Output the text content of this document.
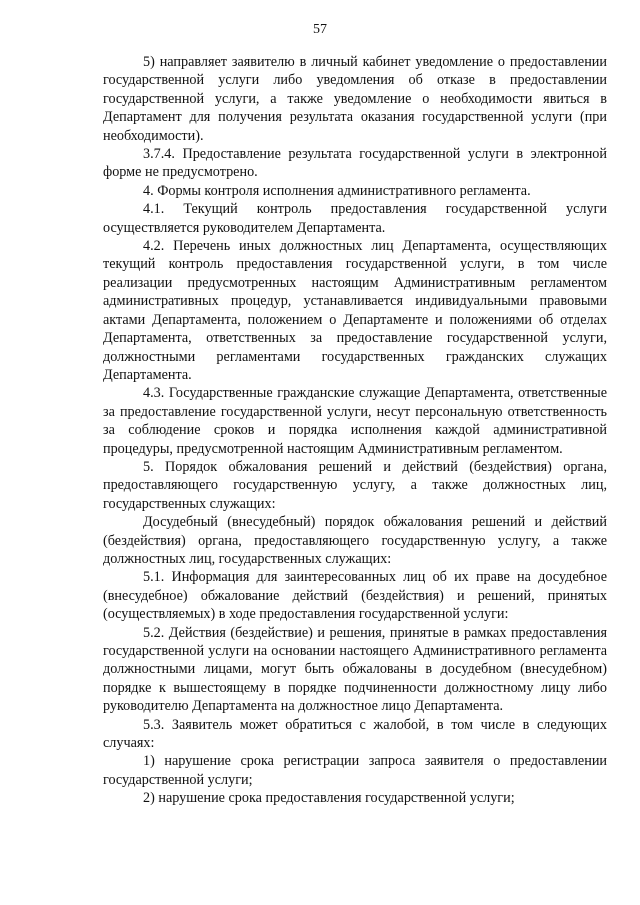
57

5) направляет заявителю в личный кабинет уведомление о предоставлении государственной услуги либо уведомления об отказе в предоставлении государственной услуги, а также уведомление о необходимости явиться в Департамент для получения результата оказания государственной услуги (при необходимости).

3.7.4. Предоставление результата государственной услуги в электронной форме не предусмотрено.

4. Формы контроля исполнения административного регламента.

4.1. Текущий контроль предоставления государственной услуги осуществляется руководителем Департамента.

4.2. Перечень иных должностных лиц Департамента, осуществляющих текущий контроль предоставления государственной услуги, в том числе реализации предусмотренных настоящим Административным регламентом административных процедур, устанавливается индивидуальными правовыми актами Департамента, положением о Департаменте и положениями об отделах Департамента, ответственных за предоставление государственной услуги, должностными регламентами государственных гражданских служащих Департамента.

4.3. Государственные гражданские служащие Департамента, ответственные за предоставление государственной услуги, несут персональную ответственность за соблюдение сроков и порядка исполнения каждой административной процедуры, предусмотренной настоящим Административным регламентом.

5. Порядок обжалования решений и действий (бездействия) органа, предоставляющего государственную услугу, а также должностных лиц, государственных служащих:

Досудебный (внесудебный) порядок обжалования решений и действий (бездействия) органа, предоставляющего государственную услугу, а также должностных лиц, государственных служащих:

5.1. Информация для заинтересованных лиц об их праве на досудебное (внесудебное) обжалование действий (бездействия) и решений, принятых (осуществляемых) в ходе предоставления государственной услуги:

5.2. Действия (бездействие) и решения, принятые в рамках предоставления государственной услуги на основании настоящего Административного регламента должностными лицами, могут быть обжалованы в досудебном (внесудебном) порядке к вышестоящему в порядке подчиненности должностному лицу либо руководителю Департамента на должностное лицо Департамента.

5.3. Заявитель может обратиться с жалобой, в том числе в следующих случаях:

1) нарушение срока регистрации запроса заявителя о предоставлении государственной услуги;

2) нарушение срока предоставления государственной услуги;
